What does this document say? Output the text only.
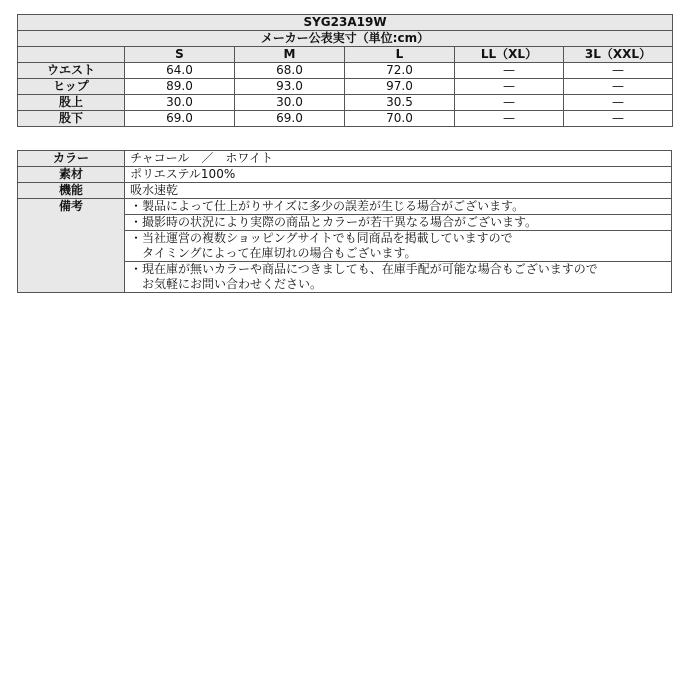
SYG23A19W					
メーカー公表実寸（単位:cm）					
	S	M	L	LL（XL）	3L（XXL）
ウエスト	64.0	68.0	72.0	—	—
ヒップ	89.0	93.0	97.0	—	—
股上	30.0	30.0	30.5	—	—
股下	69.0	69.0	70.0	—	—
カラー	チャコール　／　ホワイト
素材	ポリエステル100%
機能	吸水速乾
備考	・製品によって仕上がりサイズに多少の誤差が生じる場合がございます。

	・撮影時の状況により実際の商品とカラーが若干異なる場合がございます。

	・当社運営の複数ショッピングサイトでも同商品を掲載していますので
　タイミングによって在庫切れの場合もございます。

	・現在庫が無いカラーや商品につきましても、在庫手配が可能な場合もございますので
　お気軽にお問い合わせください。
